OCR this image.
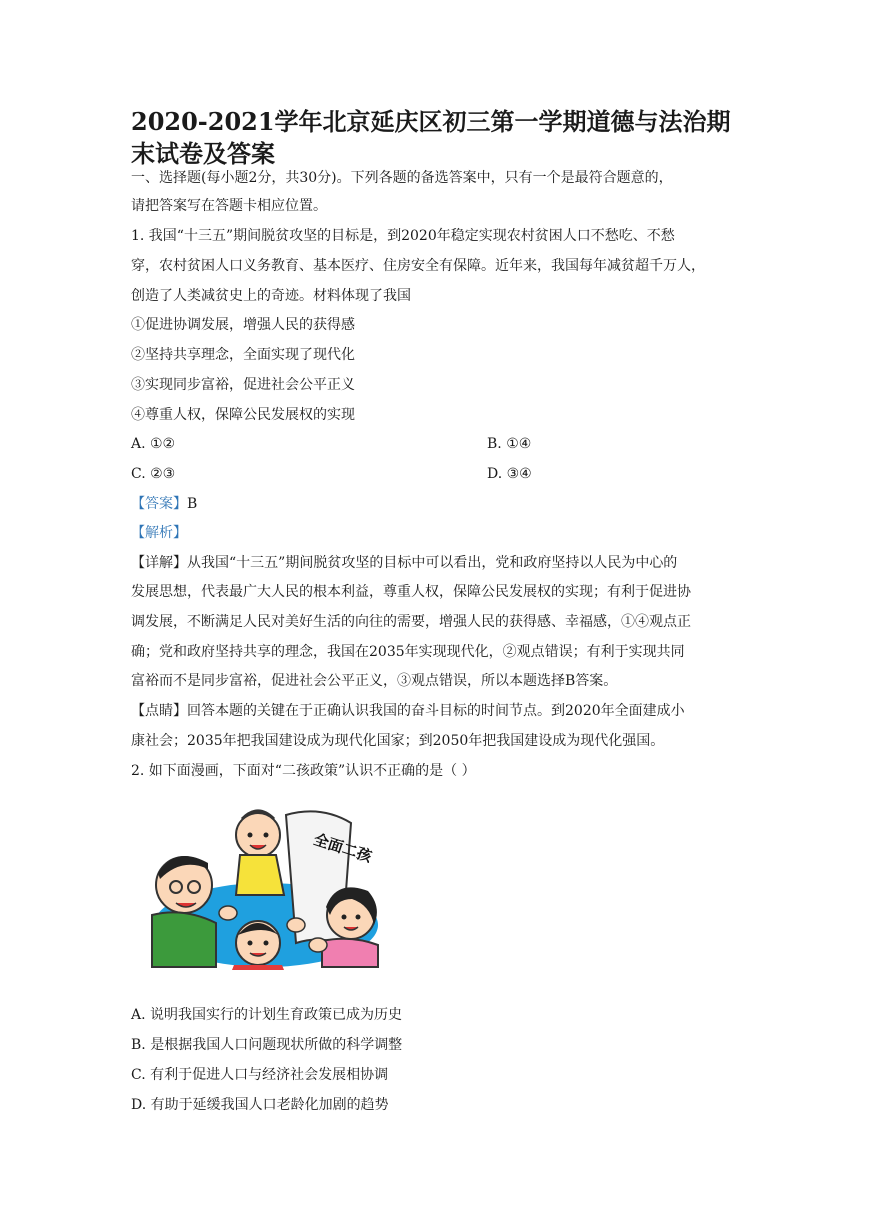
2020-2021学年北京延庆区初三第一学期道德与法治期末试卷及答案
一、选择题(每小题2分，共30分)。下列各题的备选答案中，只有一个是最符合题意的，
请把答案写在答题卡相应位置。
1. 我国“十三五”期间脱贫攻坚的目标是，到2020年稳定实现农村贫困人口不愁吃、不愁
穿，农村贫困人口义务教育、基本医疗、住房安全有保障。近年来，我国每年减贫超千万人，
创造了人类减贫史上的奇迹。材料体现了我国
①促进协调发展，增强人民的获得感
②坚持共享理念，全面实现了现代化
③实现同步富裕，促进社会公平正义
④尊重人权，保障公民发展权的实现
A. ①②	B. ①④
C. ②③	D. ③④
【答案】B
【解析】
【详解】从我国“十三五”期间脱贫攻坚的目标中可以看出，党和政府坚持以人民为中心的
发展思想，代表最广大人民的根本利益，尊重人权，保障公民发展权的实现；有利于促进协
调发展，不断满足人民对美好生活的向往的需要，增强人民的获得感、幸福感，①④观点正
确；党和政府坚持共享的理念，我国在2035年实现现代化，②观点错误；有利于实现共同
富裕而不是同步富裕，促进社会公平正义，③观点错误，所以本题选择B答案。
【点睛】回答本题的关键在于正确认识我国的奋斗目标的时间节点。到2020年全面建成小
康社会；2035年把我国建设成为现代化国家；到2050年把我国建设成为现代化强国。
2. 如下面漫画，下面对“二孩政策”认识不正确的是（ ）
全面二孩
A. 说明我国实行的计划生育政策已成为历史
B. 是根据我国人口问题现状所做的科学调整
C. 有利于促进人口与经济社会发展相协调
D. 有助于延缓我国人口老龄化加剧的趋势
